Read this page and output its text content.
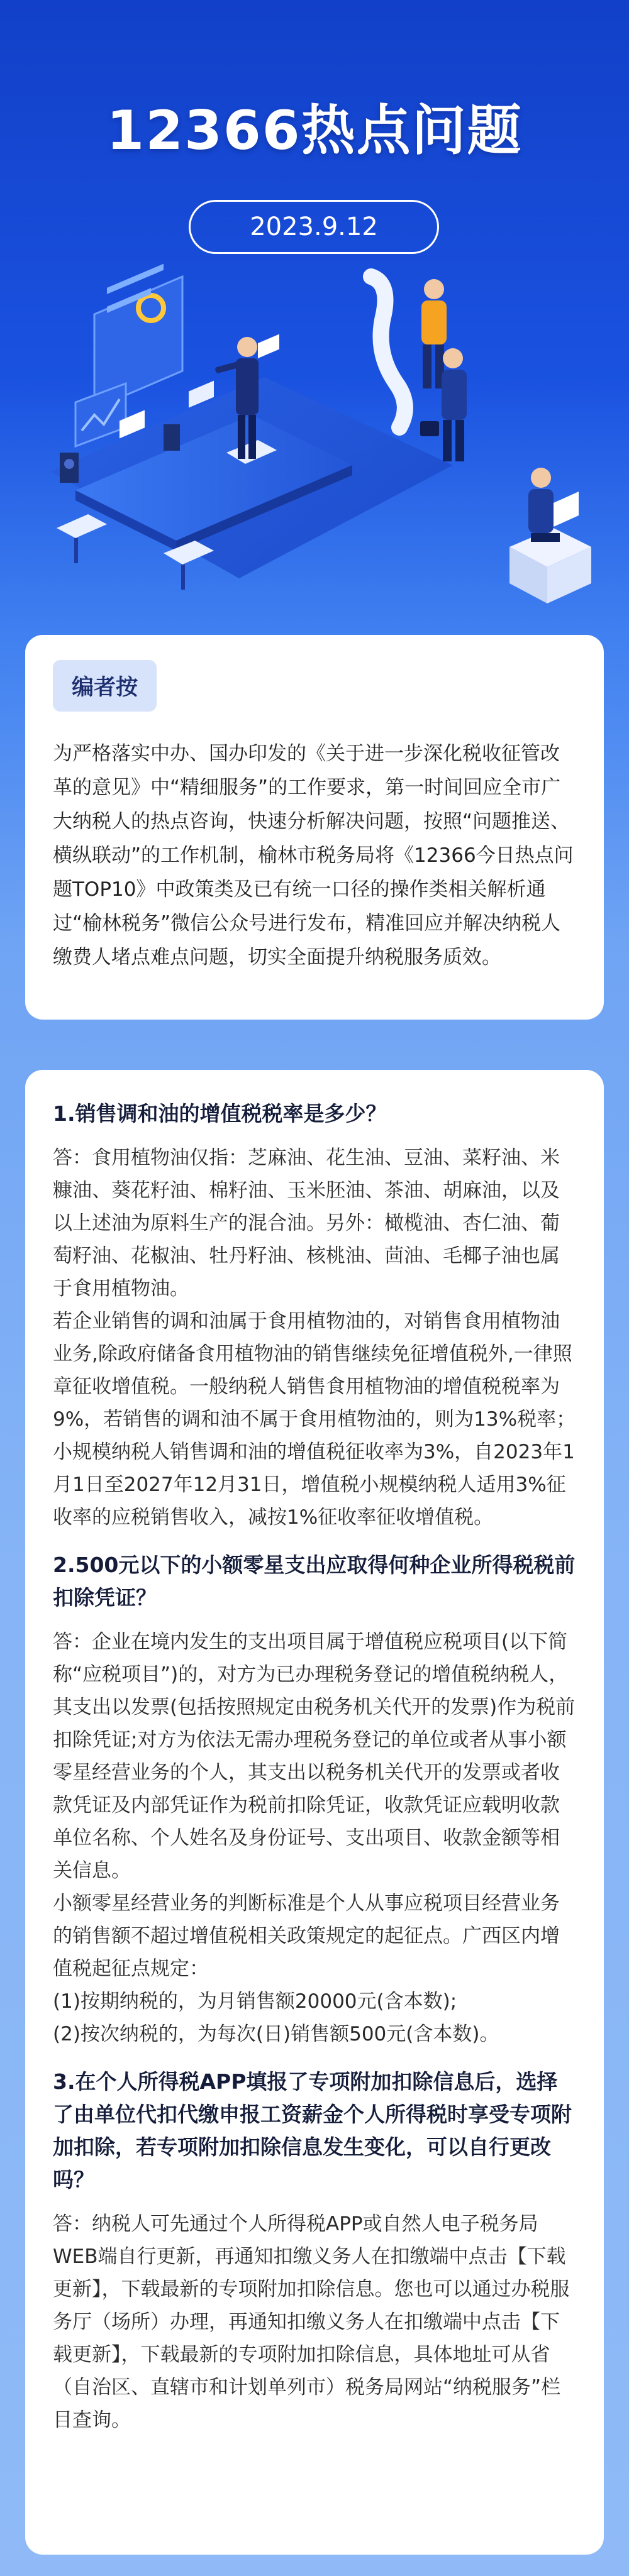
12366热点问题
2023.9.12
编者按

为严格落实中办、国办印发的《关于进一步深化税收征管改革的意见》中“精细服务”的工作要求，第一时间回应全市广大纳税人的热点咨询，快速分析解决问题，按照“问题推送、横纵联动”的工作机制，榆林市税务局将《12366今日热点问题TOP10》中政策类及已有统一口径的操作类相关解析通过“榆林税务”微信公众号进行发布，精准回应并解决纳税人缴费人堵点难点问题，切实全面提升纳税服务质效。

1.销售调和油的增值税税率是多少？

答：食用植物油仅指：芝麻油、花生油、豆油、菜籽油、米糠油、葵花籽油、棉籽油、玉米胚油、茶油、胡麻油，以及以上述油为原料生产的混合油。另外：橄榄油、杏仁油、葡萄籽油、花椒油、牡丹籽油、核桃油、茴油、毛椰子油也属于食用植物油。

若企业销售的调和油属于食用植物油的，对销售食用植物油业务,除政府储备食用植物油的销售继续免征增值税外,一律照章征收增值税。一般纳税人销售食用植物油的增值税税率为9%，若销售的调和油不属于食用植物油的，则为13%税率；小规模纳税人销售调和油的增值税征收率为3%，自2023年1月1日至2027年12月31日，增值税小规模纳税人适用3%征收率的应税销售收入，减按1%征收率征收增值税。

2.500元以下的小额零星支出应取得何种企业所得税税前扣除凭证？

答：企业在境内发生的支出项目属于增值税应税项目(以下简称“应税项目”)的，对方为已办理税务登记的增值税纳税人，其支出以发票(包括按照规定由税务机关代开的发票)作为税前扣除凭证;对方为依法无需办理税务登记的单位或者从事小额零星经营业务的个人，其支出以税务机关代开的发票或者收款凭证及内部凭证作为税前扣除凭证，收款凭证应载明收款单位名称、个人姓名及身份证号、支出项目、收款金额等相关信息。

小额零星经营业务的判断标准是个人从事应税项目经营业务的销售额不超过增值税相关政策规定的起征点。广西区内增值税起征点规定：

(1)按期纳税的，为月销售额20000元(含本数);

(2)按次纳税的，为每次(日)销售额500元(含本数)。

3.在个人所得税APP填报了专项附加扣除信息后，选择了由单位代扣代缴申报工资薪金个人所得税时享受专项附加扣除，若专项附加扣除信息发生变化，可以自行更改吗？

答：纳税人可先通过个人所得税APP或自然人电子税务局WEB端自行更新，再通知扣缴义务人在扣缴端中点击【下载更新】，下载最新的专项附加扣除信息。您也可以通过办税服务厅（场所）办理，再通知扣缴义务人在扣缴端中点击【下载更新】，下载最新的专项附加扣除信息，具体地址可从省（自治区、直辖市和计划单列市）税务局网站“纳税服务”栏目查询。
